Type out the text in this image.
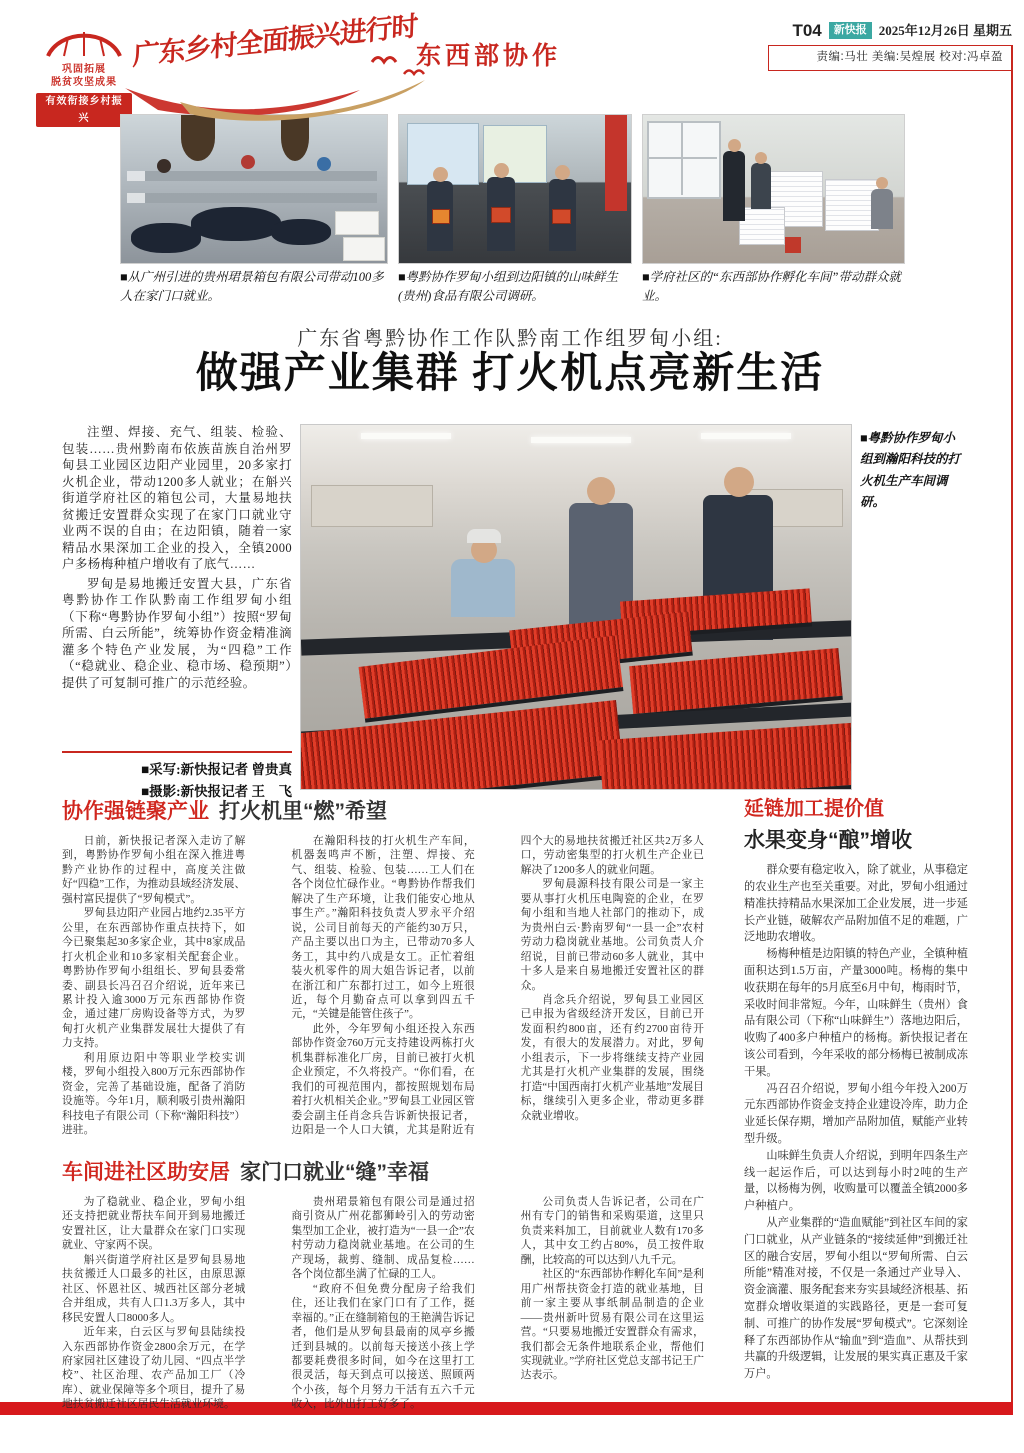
巩固拓展
脱贫攻坚成果
有效衔接乡村振兴
广东乡村全面振兴进行时
东西部协作
T04	新快报 2025年12月26日 星期五
责编:马壮 美编:吴煌展 校对:冯卓盈
■从广州引进的贵州珺景箱包有限公司带动100多人在家门口就业。
■粤黔协作罗甸小组到边阳镇的山味鲜生(贵州)食品有限公司调研。
■学府社区的“东西部协作孵化车间”带动群众就业。
广东省粤黔协作工作队黔南工作组罗甸小组:
做强产业集群 打火机点亮新生活

注塑、焊接、充气、组装、检验、包装……贵州黔南布依族苗族自治州罗甸县工业园区边阳产业园里，20多家打火机企业，带动1200多人就业；在斛兴街道学府社区的箱包公司，大量易地扶贫搬迁安置群众实现了在家门口就业守业两不误的自由；在边阳镇，随着一家精品水果深加工企业的投入，全镇2000户多杨梅种植户增收有了底气……

罗甸是易地搬迁安置大县，广东省粤黔协作工作队黔南工作组罗甸小组（下称“粤黔协作罗甸小组”）按照“罗甸所需、白云所能”，统筹协作资金精准滴灌多个特色产业发展，为“四稳”工作（“稳就业、稳企业、稳市场、稳预期”）提供了可复制可推广的示范经验。

■采写:新快报记者 曾贵真
■摄影:新快报记者 王　飞
■粤黔协作罗甸小组到瀚阳科技的打火机生产车间调研。
协作强链聚产业 打火机里“燃”希望

日前，新快报记者深入走访了解到，粤黔协作罗甸小组在深入推进粤黔产业协作的过程中，高度关注做好“四稳”工作，为推动县域经济发展、强村富民提供了“罗甸模式”。

罗甸县边阳产业园占地约2.35平方公里，在东西部协作重点扶持下，如今已聚集起30多家企业，其中8家成品打火机企业和10多家相关配套企业。粤黔协作罗甸小组组长、罗甸县委常委、副县长冯召召介绍说，近年来已累计投入逾3000万元东西部协作资金，通过建厂房购设备等方式，为罗甸打火机产业集群发展壮大提供了有力支持。

利用原边阳中等职业学校实训楼，罗甸小组投入800万元东西部协作资金，完善了基础设施，配备了消防设施等。今年1月，顺利吸引贵州瀚阳科技电子有限公司（下称“瀚阳科技”）进驻。

在瀚阳科技的打火机生产车间，机器轰鸣声不断，注塑、焊接、充气、组装、检验、包装……工人们在各个岗位忙碌作业。“粤黔协作帮我们解决了生产环境，让我们能安心地从事生产。”瀚阳科技负责人罗永平介绍说，公司目前每天的产能约30万只，产品主要以出口为主，已带动70多人务工，其中约八成是女工。正忙着组装火机零件的周大姐告诉记者，以前在浙江和广东都打过工，如今上班很近，每个月勤奋点可以拿到四五千元，“关键是能管住孩子”。

此外，今年罗甸小组还投入东西部协作资金760万元支持建设两栋打火机集群标准化厂房，目前已被打火机企业预定，不久将投产。“你们看，在我们的可视范围内，都按照规划布局着打火机相关企业。”罗甸县工业园区管委会副主任肖念兵告诉新快报记者，边阳是一个人口大镇，尤其是附近有四个大的易地扶贫搬迁社区共2万多人口，劳动密集型的打火机生产企业已解决了1200多人的就业问题。

罗甸晨源科技有限公司是一家主要从事打火机压电陶瓷的企业，在罗甸小组和当地人社部门的推动下，成为贵州白云·黔南罗甸“一县一企”农村劳动力稳岗就业基地。公司负责人介绍说，目前已带动60多人就业，其中十多人是来自易地搬迁安置社区的群众。

肖念兵介绍说，罗甸县工业园区已申报为省级经济开发区，目前已开发面积约800亩，还有约2700亩待开发，有很大的发展潜力。对此，罗甸小组表示，下一步将继续支持产业园尤其是打火机产业集群的发展，围绕打造“中国西南打火机产业基地”发展目标，继续引入更多企业，带动更多群众就业增收。

车间进社区助安居 家门口就业“缝”幸福

为了稳就业、稳企业，罗甸小组还支持把就业帮扶车间开到易地搬迁安置社区，让大量群众在家门口实现就业、守家两不误。

斛兴街道学府社区是罗甸县易地扶贫搬迁人口最多的社区，由原思源社区、怀恩社区、城西社区部分老城合并组成，共有人口1.3万多人，其中移民安置人口8000多人。

近年来，白云区与罗甸县陆续投入东西部协作资金2800余万元，在学府家园社区建设了幼儿园、“四点半学校”、社区治理、农产品加工厂（冷库）、就业保障等多个项目，提升了易地扶贫搬迁社区居民生活就业环境。

贵州珺景箱包有限公司是通过招商引资从广州花都狮岭引入的劳动密集型加工企业，被打造为“一县一企”农村劳动力稳岗就业基地。在公司的生产现场，裁剪、缝制、成品复检……各个岗位都坐满了忙碌的工人。

“政府不但免费分配房子给我们住，还让我们在家门口有了工作，挺幸福的。”正在缝制箱包的王艳满告诉记者，他们是从罗甸县最南的凤亭乡搬迁到县城的。以前每天接送小孩上学都要耗费很多时间，如今在这里打工很灵活，每天到点可以接送、照顾两个小孩，每个月努力干活有五六千元收入，比外出打工好多了。

公司负责人告诉记者，公司在广州有专门的销售和采购渠道，这里只负责来料加工，目前就业人数有170多人，其中女工约占80%，员工按件取酬，比较高的可以达到八九千元。

社区的“东西部协作孵化车间”是利用广州帮扶资金打造的就业基地，目前一家主要从事纸制品制造的企业——贵州新叶贸易有限公司在这里运营。“只要易地搬迁安置群众有需求，我们都会无条件地联系企业，帮他们实现就业。”学府社区党总支部书记王广达表示。

延链加工提价值
水果变身“酿”增收

群众要有稳定收入，除了就业，从事稳定的农业生产也至关重要。对此，罗甸小组通过精准扶持精品水果深加工企业发展，进一步延长产业链，破解农产品附加值不足的难题，广泛地助农增收。

杨梅种植是边阳镇的特色产业，全镇种植面积达到1.5万亩，产量3000吨。杨梅的集中收获期在每年的5月底至6月中旬，梅雨时节，采收时间非常短。今年，山味鲜生（贵州）食品有限公司（下称“山味鲜生”）落地边阳后，收购了400多户种植户的杨梅。新快报记者在该公司看到，今年采收的部分杨梅已被制成冻干果。

冯召召介绍说，罗甸小组今年投入200万元东西部协作资金支持企业建设冷库，助力企业延长保存期，增加产品附加值，赋能产业转型升级。

山味鲜生负责人介绍说，到明年四条生产线一起运作后，可以达到每小时2吨的生产量，以杨梅为例，收购量可以覆盖全镇2000多户种植户。

从产业集群的“造血赋能”到社区车间的家门口就业，从产业链条的“接续延伸”到搬迁社区的融合安居，罗甸小组以“罗甸所需、白云所能”精准对接，不仅是一条通过产业导入、资金滴灌、服务配套来夯实县域经济根基、拓宽群众增收渠道的实践路径，更是一套可复制、可推广的协作发展“罗甸模式”。它深刻诠释了东西部协作从“输血”到“造血”、从帮扶到共赢的升级逻辑，让发展的果实真正惠及千家万户。
